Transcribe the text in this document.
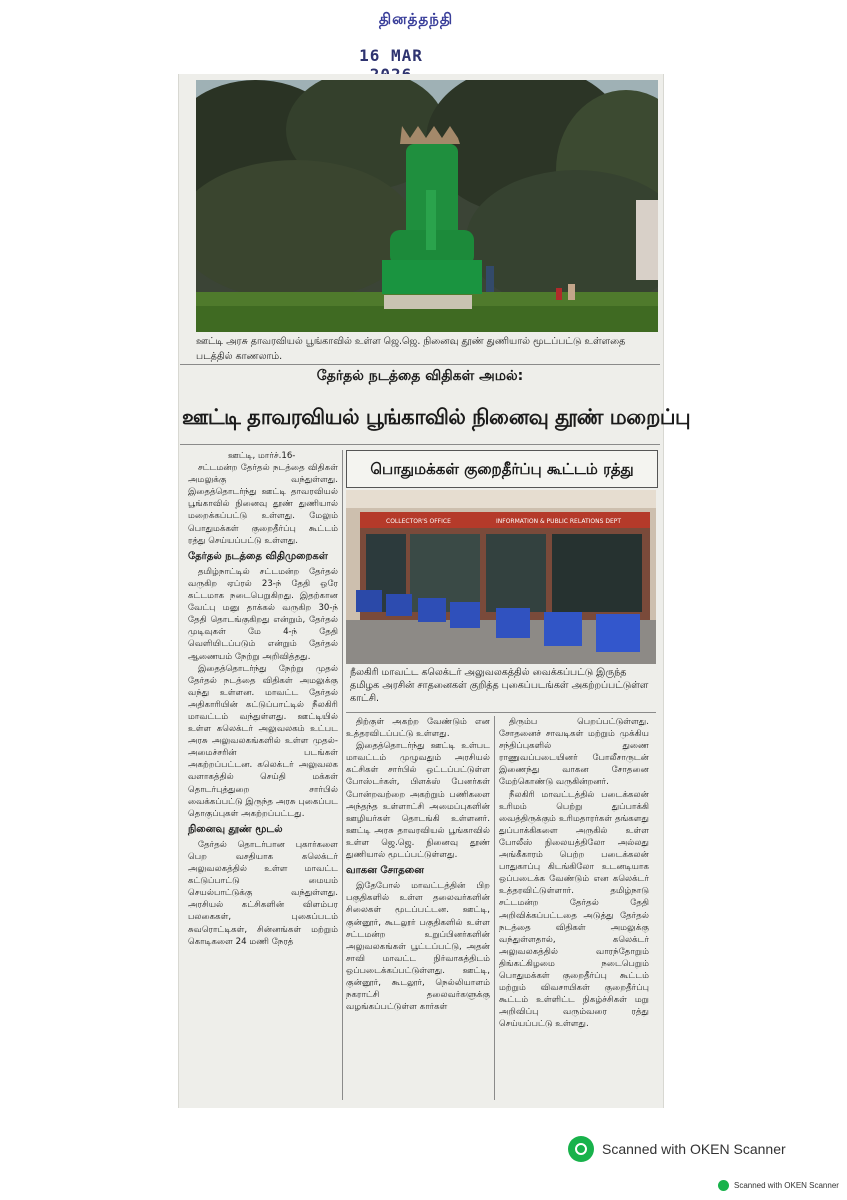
தினத்தந்தி
16 MAR
ஊட்டி அரசு தாவரவியல் பூங்காவில் உள்ள ஜெ.ஜெ. நினைவு தூண் துணியால் மூடப்பட்டு உள்ளதை படத்தில் காணலாம்.
தேர்தல் நடத்தை விதிகள் அமல்:
ஊட்டி தாவரவியல் பூங்காவில் நினைவு தூண் மறைப்பு

ஊட்டி, மார்ச்.16-

சட்டமன்ற தேர்தல் நடத்தை விதிகள் அமலுக்கு வந்துள்ளது. இதைத்தொடர்ந்து ஊட்டி தாவரவியல் பூங்காவில் நினைவு தூண் துணியால் மறைக்கப்பட்டு உள்ளது. மேலும் பொதுமக்கள் குறைதீர்ப்பு கூட்டம் ரத்து செய்யப்பட்டு உள்ளது.

தேர்தல் நடத்தை விதிமுறைகள்

தமிழ்நாட்டில் சட்டமன்ற தேர்தல் வருகிற ஏப்ரல் 23-ந் தேதி ஒரே கட்டமாக நடைபெறுகிறது. இதற்கான வேட்பு மனு தாக்கல் வருகிற 30-ந் தேதி தொடங்குகிறது என்றும், தேர்தல் முடிவுகள் மே 4-ந் தேதி வெளியிடப்படும் என்றும் தேர்தல் ஆணையம் நேற்று அறிவித்தது.

இதைத்தொடர்ந்து நேற்று முதல் தேர்தல் நடத்தை விதிகள் அமலுக்கு வந்து உள்ளன. மாவட்ட தேர்தல் அதிகாரியின் கட்டுப்பாட்டில் நீலகிரி மாவட்டம் வந்துள்ளது. ஊட்டியில் உள்ள கலெக்டர் அலுவலகம் உட்பட அரசு அலுவலகங்களில் உள்ள முதல்-அமைச்சரின் படங்கள் அகற்றப்பட்டன. கலெக்டர் அலுவலக வளாகத்தில் செய்தி மக்கள் தொடர்புத்துறை சார்பில் வைக்கப்பட்டு இருந்த அரசு புகைப்பட தொகுப்புகள் அகற்றப்பட்டது.

நினைவு தூண் மூடல்

தேர்தல் தொடர்பான புகார்களை பெற வசதியாக கலெக்டர் அலுவலகத்தில் உள்ள மாவட்ட கட்டுப்பாட்டு மையம் செயல்பாட்டுக்கு வந்துள்ளது. அரசியல் கட்சிகளின் விளம்பர பலகைகள், புகைப்படம் சுவரொட்டிகள், சின்னங்கள் மற்றும் கொடிகளை 24 மணி நேரத்

பொதுமக்கள் குறைதீர்ப்பு கூட்டம் ரத்து
COLLECTOR'S OFFICE	INFORMATION & PUBLIC RELATIONS DEPT
நீலகிரி மாவட்ட கலெக்டர் அலுவலகத்தில் வைக்கப்பட்டு இருந்த தமிழக அரசின் சாதனைகள் குறித்த புகைப்படங்கள் அகற்றப்பட்டுள்ள காட்சி.

திற்குள் அகற்ற வேண்டும் என உத்தரவிடப்பட்டு உள்ளது.

இதைத்தொடர்ந்து ஊட்டி உள்பட மாவட்டம் முழுவதும் அரசியல் கட்சிகள் சார்பில் ஒட்டப்பட்டுள்ள போஸ்டர்கள், பிளக்ஸ் பேனர்கள் போன்றவற்றை அகற்றும் பணிகளை அந்தந்த உள்ளாட்சி அமைப்புகளின் ஊழியர்கள் தொடங்கி உள்ளனர். ஊட்டி அரசு தாவரவியல் பூங்காவில் உள்ள ஜெ.ஜெ. நினைவு தூண் துணியால் மூடப்பட்டுள்ளது.

வாகன சோதனை

இதேபோல் மாவட்டத்தின் பிற பகுதிகளில் உள்ள தலைவர்களின் சிலைகள் மூடப்பட்டன. ஊட்டி, குன்னூர், கூடலூர் பகுதிகளில் உள்ள சட்டமன்ற உறுப்பினர்களின் அலுவலகங்கள் பூட்டப்பட்டு, அதன் சாவி மாவட்ட நிர்வாகத்திடம் ஒப்படைக்கப்பட்டுள்ளது. ஊட்டி, குன்னூர், கூடலூர், நெல்லியாளம் நகராட்சி தலைவர்களுக்கு வழங்கப்பட்டுள்ள கார்கள்

திரும்ப பெறப்பட்டுள்ளது. சோதனைச் சாவடிகள் மற்றும் முக்கிய சந்திப்புகளில் துணை ராணுவப்படையினர் போலீசாருடன் இணைந்து வாகன சோதனை மேற்கொண்டு வருகின்றனர்.

நீலகிரி மாவட்டத்தில் படைக்கலன் உரிமம் பெற்று துப்பாக்கி வைத்திருக்கும் உரிமதாரர்கள் தங்களது துப்பாக்கிகளை அருகில் உள்ள போலீஸ் நிலையத்திலோ அல்லது அங்கீகாரம் பெற்ற படைக்கலன் பாதுகாப்பு கிடங்கிலோ உடனடியாக ஒப்படைக்க வேண்டும் என கலெக்டர் உத்தரவிட்டுள்ளார். தமிழ்நாடு சட்டமன்ற தேர்தல் தேதி அறிவிக்கப்பட்டதை அடுத்து தேர்தல் நடத்தை விதிகள் அமலுக்கு வந்துள்ளதால், கலெக்டர் அலுவலகத்தில் வாரந்தோறும் திங்கட்கிழமை நடைபெறும் பொதுமக்கள் குறைதீர்ப்பு கூட்டம் மற்றும் விவசாயிகள் குறைதீர்ப்பு கூட்டம் உள்ளிட்ட நிகழ்ச்சிகள் மறு அறிவிப்பு வரும்வரை ரத்து செய்யப்பட்டு உள்ளது.

Scanned with OKEN Scanner
Scanned with OKEN Scanner
